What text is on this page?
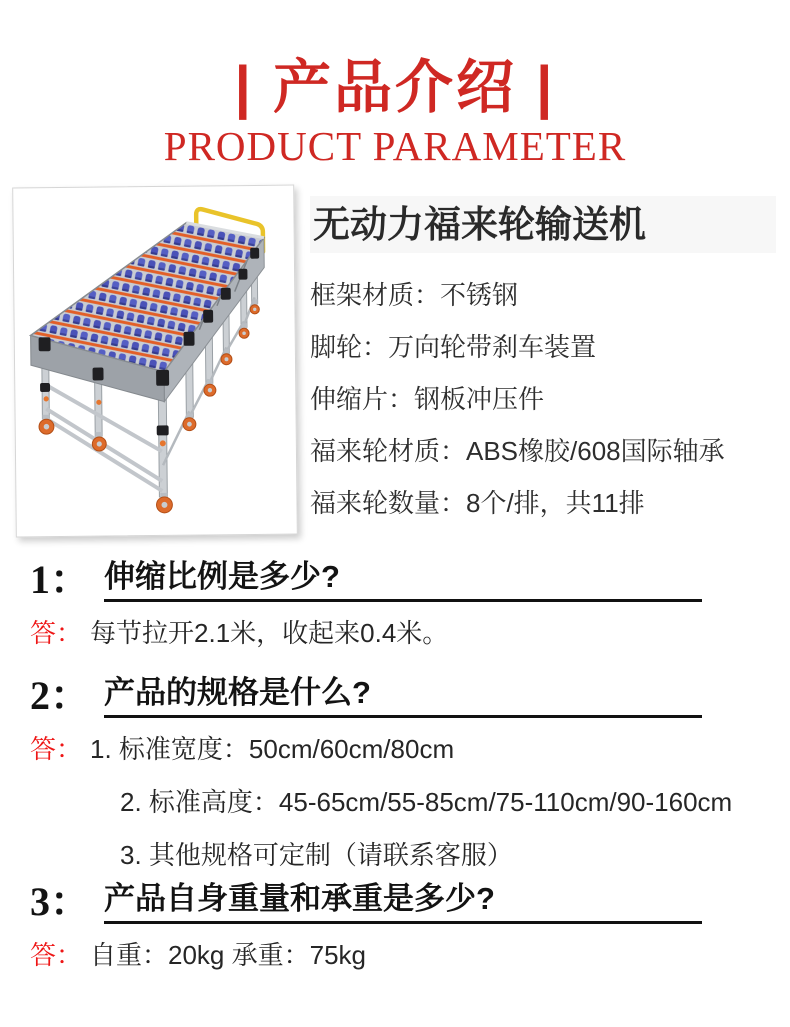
| 产品介绍 |
PRODUCT PARAMETER
无动力福来轮输送机
框架材质：不锈钢
脚轮：万向轮带刹车装置
伸缩片：钢板冲压件
福来轮材质：ABS橡胶/608国际轴承
福来轮数量：8个/排，共11排
1： 伸缩比例是多少?
答： 每节拉开2.1米，收起来0.4米。
2： 产品的规格是什么?
答： 1. 标准宽度：50cm/60cm/80cm
2. 标准高度：45-65cm/55-85cm/75-110cm/90-160cm
3. 其他规格可定制（请联系客服）
3： 产品自身重量和承重是多少?
答： 自重：20kg 承重：75kg
